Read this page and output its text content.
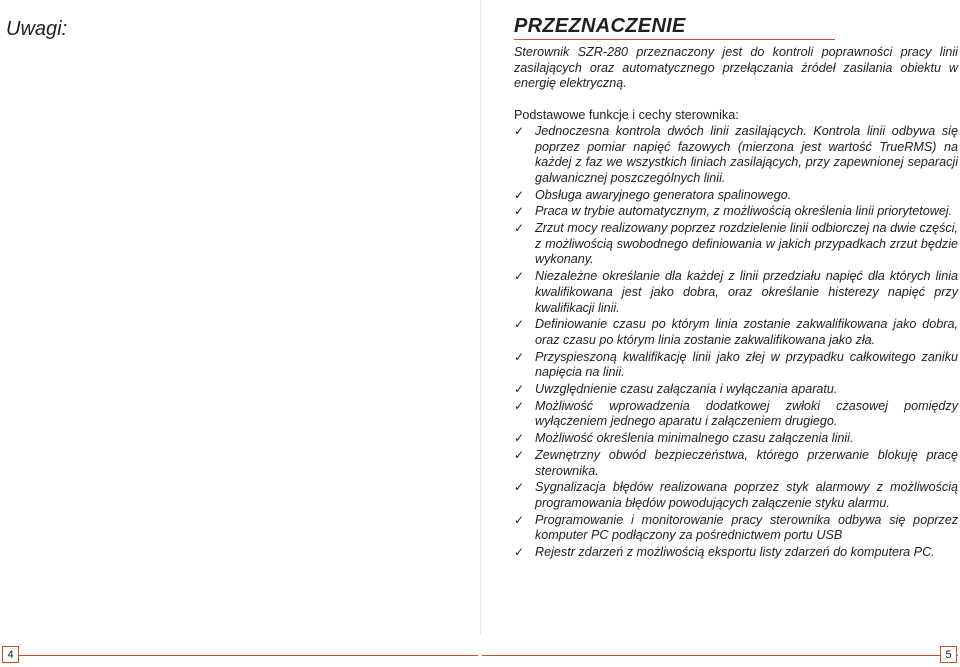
Uwagi:	PRZEZNACZENIE

Sterownik SZR-280 przeznaczony jest do kontroli poprawności pracy linii zasilających oraz automatycznego przełączania źródeł zasilania obiektu w energię elektryczną.

Podstawowe funkcje i cechy sterownika:

✓ Jednoczesna kontrola dwóch linii zasilających. Kontrola linii odbywa się poprzez pomiar napięć fazowych (mierzona jest wartość TrueRMS) na każdej z faz we wszystkich liniach zasilających, przy zapewnionej separacji galwanicznej poszczególnych linii.
✓ Obsługa awaryjnego generatora spalinowego.
✓ Praca w trybie automatycznym, z możliwością określenia linii priorytetowej.
✓ Zrzut mocy realizowany poprzez rozdzielenie linii odbiorczej na dwie części, z możliwością swobodnego definiowania w jakich przypadkach zrzut będzie wykonany.
✓ Niezależne określanie dla każdej z linii przedziału napięć dla których linia kwalifikowana jest jako dobra, oraz określanie histerezy napięć przy kwalifikacji linii.
✓ Definiowanie czasu po którym linia zostanie zakwalifikowana jako dobra, oraz czasu po którym linia zostanie zakwalifikowana jako zła.
✓ Przyspieszoną kwalifikację linii jako złej w przypadku całkowitego zaniku napięcia na linii.
✓ Uwzględnienie czasu załączania i wyłączania aparatu.
✓ Możliwość wprowadzenia dodatkowej zwłoki czasowej pomiędzy wyłączeniem jednego aparatu i załączeniem drugiego.
✓ Możliwość określenia minimalnego czasu załączenia linii.
✓ Zewnętrzny obwód bezpieczeństwa, którego przerwanie blokuję pracę sterownika.
✓ Sygnalizacja błędów realizowana poprzez styk alarmowy z możliwością programowania błędów powodujących załączenie styku alarmu.
✓ Programowanie i monitorowanie pracy sterownika odbywa się poprzez komputer PC podłączony za pośrednictwem portu USB
✓ Rejestr zdarzeń z możliwością eksportu listy zdarzeń do komputera PC.
4	5
